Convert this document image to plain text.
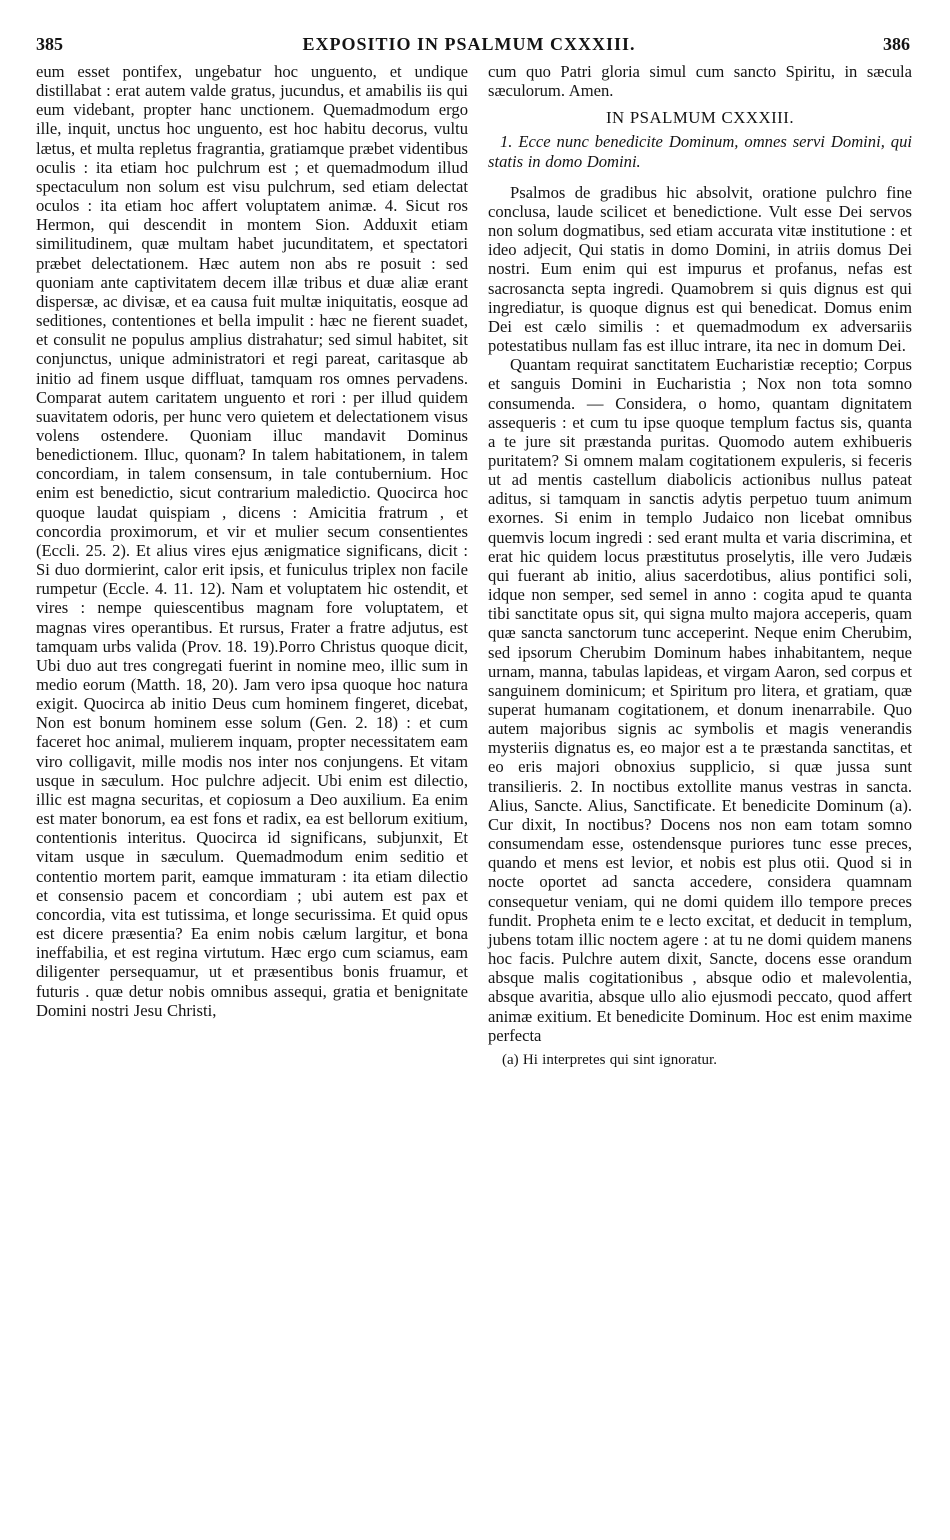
385	EXPOSITIO IN PSALMUM CXXXIII.	386

eum esset pontifex, ungebatur hoc unguento, et undique distillabat : erat autem valde gratus, jucundus, et amabilis iis qui eum videbant, propter hanc unctionem. Quemadmodum ergo ille, inquit, unctus hoc unguento, est hoc habitu decorus, vultu lætus, et multa repletus fragrantia, gratiamque præbet videntibus oculis : ita etiam hoc pulchrum est ; et quemadmodum illud spectaculum non solum est visu pulchrum, sed etiam delectat oculos : ita etiam hoc affert voluptatem animæ. 4. Sicut ros Hermon, qui descendit in montem Sion. Adduxit etiam similitudinem, quæ multam habet jucunditatem, et spectatori præbet delectationem. Hæc autem non abs re posuit : sed quoniam ante captivitatem decem illæ tribus et duæ aliæ erant dispersæ, ac divisæ, et ea causa fuit multæ iniquitatis, eosque ad seditiones, contentiones et bella impulit : hæc ne fierent suadet, et consulit ne populus amplius distrahatur; sed simul habitet, sit conjunctus, unique administratori et regi pareat, caritasque ab initio ad finem usque diffluat, tamquam ros omnes pervadens. Comparat autem caritatem unguento et rori : per illud quidem suavitatem odoris, per hunc vero quietem et delectationem visus volens ostendere. Quoniam illuc mandavit Dominus benedictionem. Illuc, quonam? In talem habitationem, in talem concordiam, in talem consensum, in tale contubernium. Hoc enim est benedictio, sicut contrarium maledictio. Quocirca hoc quoque laudat quispiam , dicens : Amicitia fratrum , et concordia proximorum, et vir et mulier secum consentientes (Eccli. 25. 2). Et alius vires ejus ænigmatice significans, dicit : Si duo dormierint, calor erit ipsis, et funiculus triplex non facile rumpetur (Eccle. 4. 11. 12). Nam et voluptatem hic ostendit, et vires : nempe quiescentibus magnam fore voluptatem, et magnas vires operantibus. Et rursus, Frater a fratre adjutus, est tamquam urbs valida (Prov. 18. 19).Porro Christus quoque dicit, Ubi duo aut tres congregati fuerint in nomine meo, illic sum in medio eorum (Matth. 18, 20). Jam vero ipsa quoque hoc natura exigit. Quocirca ab initio Deus cum hominem fingeret, dicebat, Non est bonum hominem esse solum (Gen. 2. 18) : et cum faceret hoc animal, mulierem inquam, propter necessitatem eam viro colligavit, mille modis nos inter nos conjungens. Et vitam usque in sæculum. Hoc pulchre adjecit. Ubi enim est dilectio, illic est magna securitas, et copiosum a Deo auxilium. Ea enim est mater bonorum, ea est fons et radix, ea est bellorum exitium, contentionis interitus. Quocirca id significans, subjunxit, Et vitam usque in sæculum. Quemadmodum enim seditio et contentio mortem parit, eamque immaturam : ita etiam dilectio et consensio pacem et concordiam ; ubi autem est pax et concordia, vita est tutissima, et longe securissima. Et quid opus est dicere præsentia? Ea enim nobis cælum largitur, et bona ineffabilia, et est regina virtutum. Hæc ergo cum sciamus, eam diligenter persequamur, ut et præsentibus bonis fruamur, et futuris . quæ detur nobis omnibus assequi, gratia et benignitate Domini nostri Jesu Christi,

cum quo Patri gloria simul cum sancto Spiritu, in sæcula sæculorum. Amen.

IN PSALMUM CXXXIII.

1. Ecce nunc benedicite Dominum, omnes servi Domini, qui statis in domo Domini.

Psalmos de gradibus hic absolvit, oratione pulchro fine conclusa, laude scilicet et benedictione. Vult esse Dei servos non solum dogmatibus, sed etiam accurata vitæ institutione : et ideo adjecit, Qui statis in domo Domini, in atriis domus Dei nostri. Eum enim qui est impurus et profanus, nefas est sacrosancta septa ingredi. Quamobrem si quis dignus est qui ingrediatur, is quoque dignus est qui benedicat. Domus enim Dei est cælo similis : et quemadmodum ex adversariis potestatibus nullam fas est illuc intrare, ita nec in domum Dei.

Quantam requirat sanctitatem Eucharistiæ receptio; Corpus et sanguis Domini in Eucharistia ; Nox non tota somno consumenda. — Considera, o homo, quantam dignitatem assequeris : et cum tu ipse quoque templum factus sis, quanta a te jure sit præstanda puritas. Quomodo autem exhibueris puritatem? Si omnem malam cogitationem expuleris, si feceris ut ad mentis castellum diabolicis actionibus nullus pateat aditus, si tamquam in sanctis adytis perpetuo tuum animum exornes. Si enim in templo Judaico non licebat omnibus quemvis locum ingredi : sed erant multa et varia discrimina, et erat hic quidem locus præstitutus proselytis, ille vero Judæis qui fuerant ab initio, alius sacerdotibus, alius pontifici soli, idque non semper, sed semel in anno : cogita apud te quanta tibi sanctitate opus sit, qui signa multo majora acceperis, quam quæ sancta sanctorum tunc acceperint. Neque enim Cherubim, sed ipsorum Cherubim Dominum habes inhabitantem, neque urnam, manna, tabulas lapideas, et virgam Aaron, sed corpus et sanguinem dominicum; et Spiritum pro litera, et gratiam, quæ superat humanam cogitationem, et donum inenarrabile. Quo autem majoribus signis ac symbolis et magis venerandis mysteriis dignatus es, eo major est a te præstanda sanctitas, et eo eris majori obnoxius supplicio, si quæ jussa sunt transilieris. 2. In noctibus extollite manus vestras in sancta. Alius, Sancte. Alius, Sanctificate. Et benedicite Dominum (a). Cur dixit, In noctibus? Docens nos non eam totam somno consumendam esse, ostendensque puriores tunc esse preces, quando et mens est levior, et nobis est plus otii. Quod si in nocte oportet ad sancta accedere, considera quamnam consequetur veniam, qui ne domi quidem illo tempore preces fundit. Propheta enim te e lecto excitat, et deducit in templum, jubens totam illic noctem agere : at tu ne domi quidem manens hoc facis. Pulchre autem dixit, Sancte, docens esse orandum absque malis cogitationibus , absque odio et malevolentia, absque avaritia, absque ullo alio ejusmodi peccato, quod affert animæ exitium. Et benedicite Dominum. Hoc est enim maxime perfecta

(a) Hi interpretes qui sint ignoratur.
